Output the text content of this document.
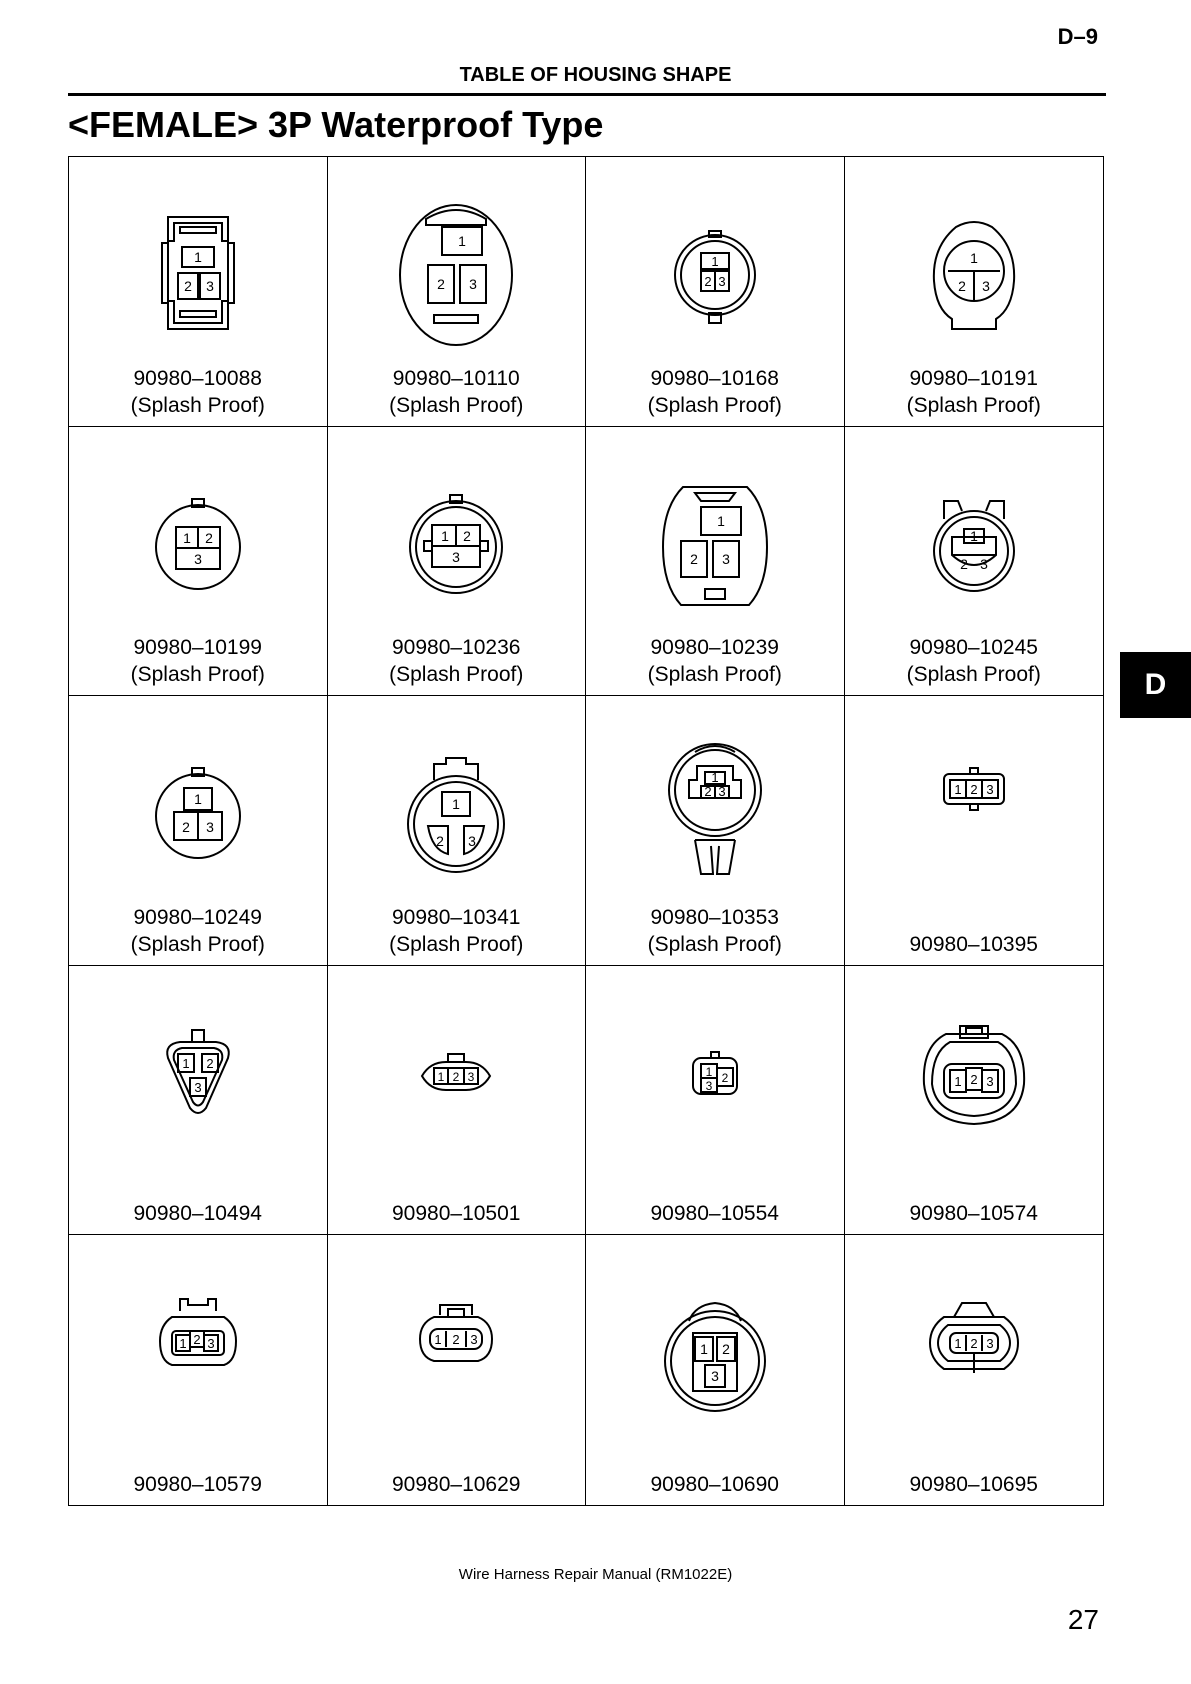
D–9
TABLE OF HOUSING SHAPE
<FEMALE> 3P Waterproof Type
1
2 3
90980–10088
(Splash Proof)
1
2 3
90980–10110
(Splash Proof)
1
2 3
90980–10168
(Splash Proof)
1
2 3
90980–10191
(Splash Proof)
1 2
3
90980–10199
(Splash Proof)
1 2
3
90980–10236
(Splash Proof)
1
2 3
90980–10239
(Splash Proof)
1
2 3
90980–10245
(Splash Proof)
1
2 3
90980–10249
(Splash Proof)
1
2 3
90980–10341
(Splash Proof)
1
2 3
90980–10353
(Splash Proof)
1 2 3
90980–10395
1 2
3
90980–10494
1 2 3
90980–10501
1 2
3
90980–10554
1 2 3
90980–10574
1 2 3
90980–10579
1 2 3
90980–10629
1 2
3
90980–10690
1 2 3
90980–10695
D
Wire Harness Repair Manual (RM1022E)
27
